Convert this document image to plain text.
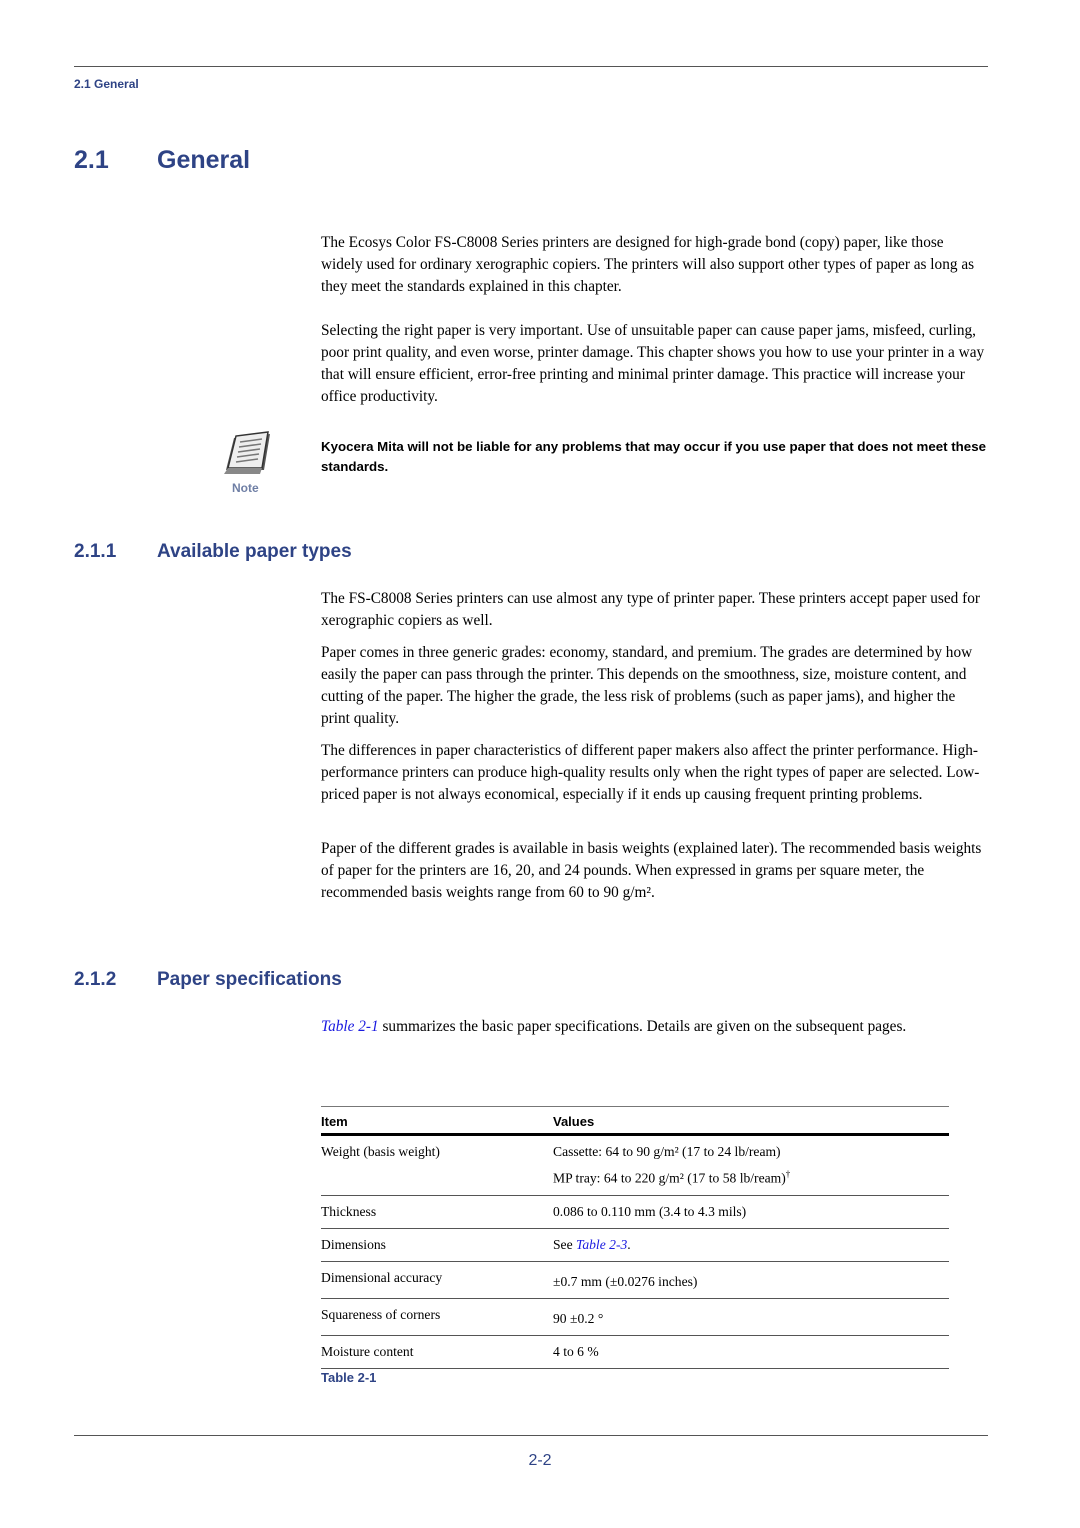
2.1 General
2.1 General

The Ecosys Color FS-C8008 Series printers are designed for high-grade bond (copy) paper, like those widely used for ordinary xerographic copiers. The printers will also support other types of paper as long as they meet the standards explained in this chapter.

Selecting the right paper is very important. Use of unsuitable paper can cause paper jams, misfeed, curling, poor print quality, and even worse, printer damage. This chapter shows you how to use your printer in a way that will ensure efficient, error-free printing and minimal printer damage. This practice will increase your office productivity.

Note
Kyocera Mita will not be liable for any problems that may occur if you use paper that does not meet these standards.
2.1.1 Available paper types

The FS-C8008 Series printers can use almost any type of printer paper. These printers accept paper used for xerographic copiers as well.

Paper comes in three generic grades: economy, standard, and premium. The grades are determined by how easily the paper can pass through the printer. This depends on the smoothness, size, moisture content, and cutting of the paper. The higher the grade, the less risk of problems (such as paper jams), and higher the print quality.

The differences in paper characteristics of different paper makers also affect the printer performance. High-performance printers can produce high-quality results only when the right types of paper are selected. Low-priced paper is not always economical, especially if it ends up causing frequent printing problems.

Paper of the different grades is available in basis weights (explained later). The recommended basis weights of paper for the printers are 16, 20, and 24 pounds. When expressed in grams per square meter, the recommended basis weights range from 60 to 90 g/m².

2.1.2 Paper specifications

Table 2-1 summarizes the basic paper specifications. Details are given on the subsequent pages.

Item	Values
Weight (basis weight)	Cassette: 64 to 90 g/m² (17 to 24 lb/ream)
MP tray: 64 to 220 g/m² (17 to 58 lb/ream)†

Thickness	0.086 to 0.110 mm (3.4 to 4.3 mils)
Dimensions	See Table 2-3.
Dimensional accuracy	±0.7 mm (±0.0276 inches)
Squareness of corners	90 ±0.2 °
Moisture content	4 to 6 %
Table 2-1
2-2
